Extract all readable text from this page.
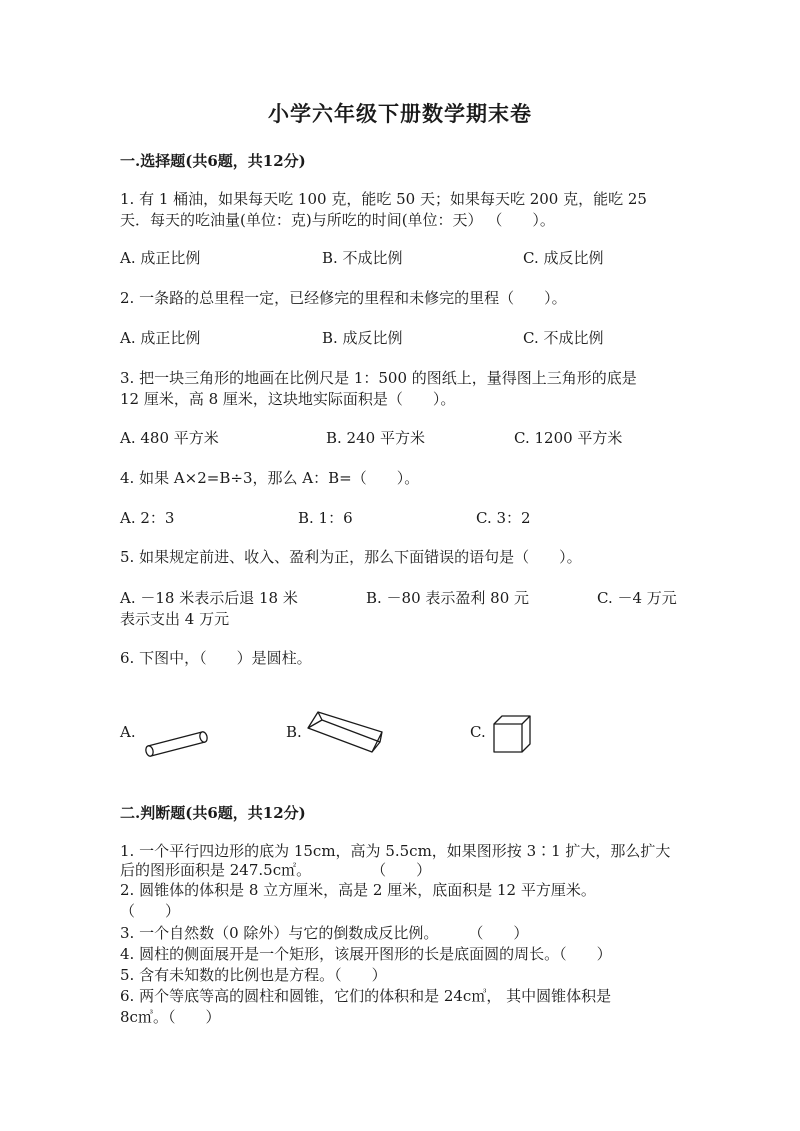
小学六年级下册数学期末卷
一.选择题(共6题，共12分)
1. 有 1 桶油，如果每天吃 100 克，能吃 50 天；如果每天吃 200 克，能吃 25
天．每天的吃油量(单位：克)与所吃的时间(单位：天） （　　）。
A. 成正比例	B. 不成比例	C. 成反比例
2. 一条路的总里程一定，已经修完的里程和未修完的里程（　　）。
A. 成正比例	B. 成反比例	C. 不成比例
3. 把一块三角形的地画在比例尺是 1：500 的图纸上，量得图上三角形的底是
12 厘米，高 8 厘米，这块地实际面积是（　　）。
A. 480 平方米	B. 240 平方米	C. 1200 平方米
4. 如果 A×2=B÷3，那么 A：B=（　　）。
A. 2：3	B. 1：6	C. 3：2
5. 如果规定前进、收入、盈利为正，那么下面错误的语句是（　　）。
A. －18 米表示后退 18 米	B. －80 表示盈利 80 元	C. －4 万元
表示支出 4 万元
6. 下图中，（　　）是圆柱。
A.	B.	C.
二.判断题(共6题，共12分)
1. 一个平行四边形的底为 15cm，高为 5.5cm，如果图形按 3∶1 扩大，那么扩大
后的图形面积是 247.5c㎡。　　　　　（　　）
2. 圆锥体的体积是 8 立方厘米，高是 2 厘米，底面积是 12 平方厘米。
（　　）
3. 一个自然数（0 除外）与它的倒数成反比例。　　　（　　）
4. 圆柱的侧面展开是一个矩形，该展开图形的长是底面圆的周长。（　　）
5. 含有未知数的比例也是方程。（　　）
6. 两个等底等高的圆柱和圆锥，它们的体积和是 24c㎥， 其中圆锥体积是
8c㎥。（　　）
